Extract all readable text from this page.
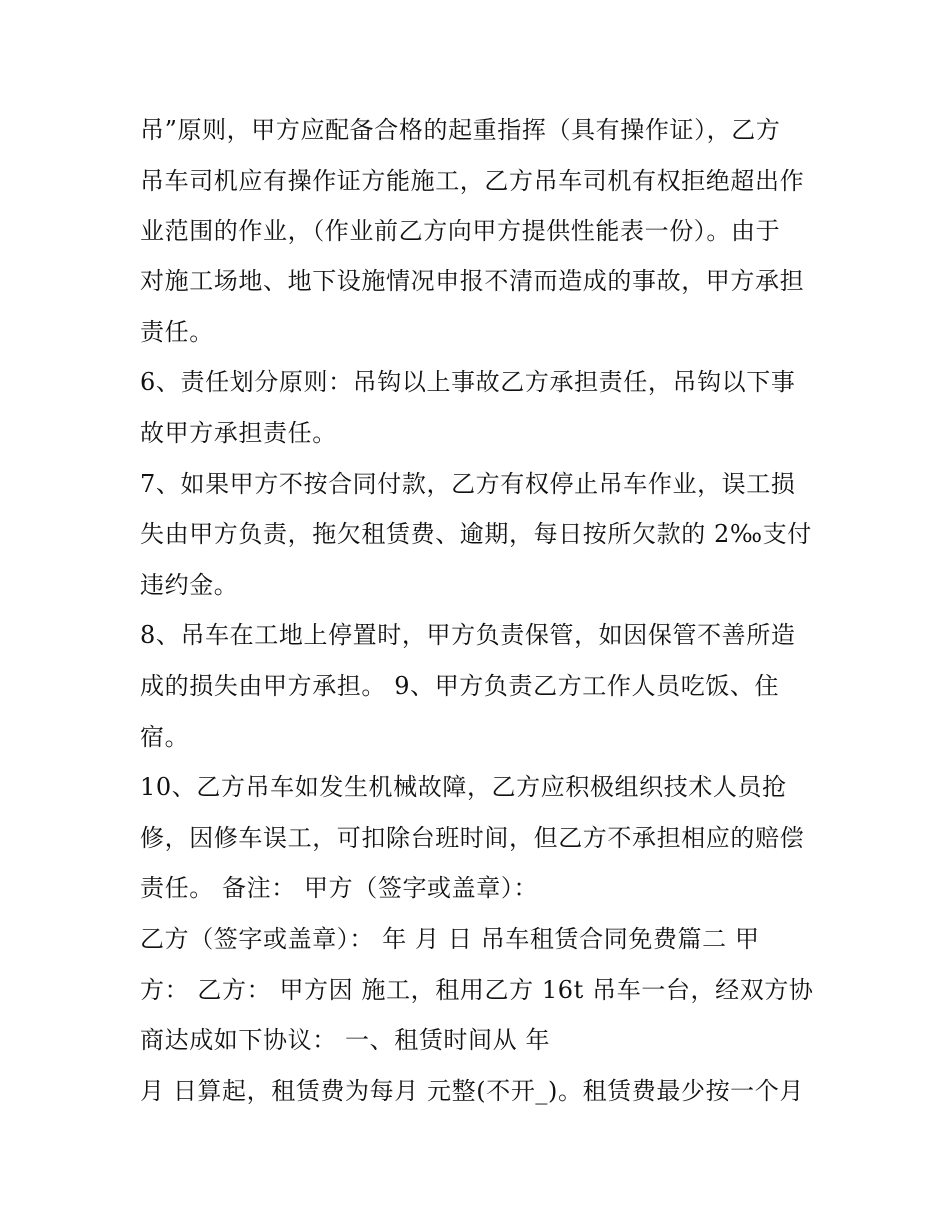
吊”原则，甲方应配备合格的起重指挥（具有操作证），乙方
吊车司机应有操作证方能施工，乙方吊车司机有权拒绝超出作
业范围的作业，（作业前乙方向甲方提供性能表一份）。由于
对施工场地、地下设施情况申报不清而造成的事故，甲方承担
责任。
6、责任划分原则：吊钩以上事故乙方承担责任，吊钩以下事
故甲方承担责任。
7、如果甲方不按合同付款，乙方有权停止吊车作业，误工损
失由甲方负责，拖欠租赁费、逾期，每日按所欠款的 2‰支付
违约金。
8、吊车在工地上停置时，甲方负责保管，如因保管不善所造
成的损失由甲方承担。 9、甲方负责乙方工作人员吃饭、住
宿。
10、乙方吊车如发生机械故障，乙方应积极组织技术人员抢
修，因修车误工，可扣除台班时间，但乙方不承担相应的赔偿
责任。 备注： 甲方（签字或盖章）：
乙方（签字或盖章）： 年 月 日 吊车租赁合同免费篇二 甲
方： 乙方： 甲方因 施工，租用乙方 16t 吊车一台，经双方协
商达成如下协议： 一、租赁时间从 年
月 日算起，租赁费为每月 元整(不开_)。租赁费最少按一个月
